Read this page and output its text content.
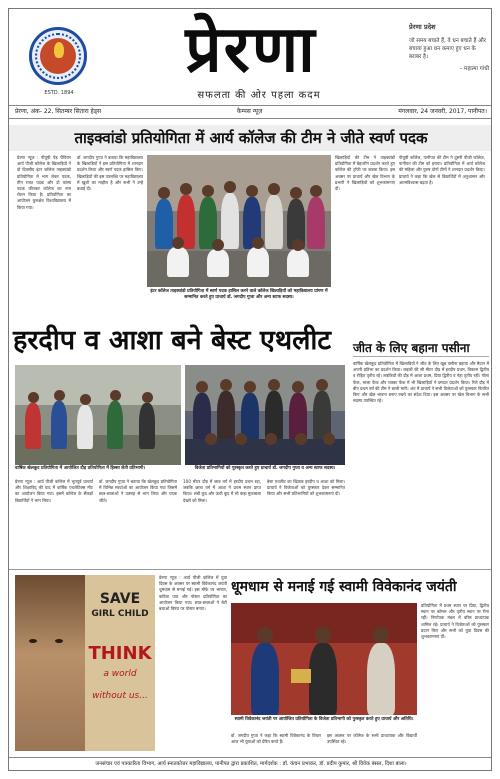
ESTD. 1894
प्रेरणा
सफलता की ओर पहला कदम
प्रेरणा प्रदेश
जो समय बचाते हैं, वे धन बचाते हैं और बचाया हुआ धन कमाए हुए धन के बराबर है।
– महात्मा गांधी
प्रेरणा, अंक- 22, सितम्बर सितारा हेड्स	कैम्पस न्यूज़	मंगलवार, 24 जनवरी, 2017, पानीपत।
ताइक्वांडो प्रतियोगिता में आर्य कॉलेज की टीम ने जीते स्वर्ण पदक
प्रेरणा न्यूज़ : पीयूषी पेड़ चैंपियन आर्य पीजी कॉलेज के खिलाड़ियों ने दो दिवसीय इंटर कॉलेज ताइक्वांडो प्रतियोगिता में भाग लेकर पदक, तीन रजत पदक और दो कांस्य पदक जीतकर कॉलेज का नाम रोशन किया है। प्रतियोगिता का आयोजन कुरुक्षेत्र विश्वविद्यालय में किया गया।
डॉ. जगदीप गुप्ता ने बताया कि महाविद्यालय के खिलाड़ियों ने इस प्रतियोगिता में शानदार प्रदर्शन किया और स्वर्ण पदक हासिल किए। खिलाड़ियों की इस उपलब्धि पर महाविद्यालय में खुशी का माहौल है और सभी ने उन्हें बधाई दी।
इंटर कॉलेज ताइक्वांडो प्रतियोगिता में स्वर्ण पदक हासिल करने वाले कॉलेज खिलाड़ियों को महाविद्यालय प्रांगण में सम्मानित करते हुए प्राचार्य डॉ. जगदीप गुप्ता और अन्य स्टाफ सदस्य।
खिलाड़ियों की टीम ने ताइक्वांडो प्रतियोगिता में बेहतरीन प्रदर्शन करते हुए कॉलेज की ट्रॉफी पर कब्जा किया। इस अवसर पर प्राचार्य और खेल विभाग के प्रभारी ने खिलाड़ियों को शुभकामनाएं दीं।
पीयूषी कॉलेज, पानीपत की टीम ने दूसरी पीजी कॉलेज, पानीपत की टीम को हराया। प्रतियोगिता में आर्य कॉलेज की महिला और पुरुष दोनों टीमों ने शानदार प्रदर्शन किया। प्राचार्य ने कहा कि खेल से विद्यार्थियों में अनुशासन और आत्मविश्वास बढ़ता है।
हरदीप व आशा बने बेस्ट एथलीट
वार्षिक खेलकूद प्रतियोगिता में आयोजित दौड़ प्रतियोगिता में हिस्सा लेती प्रतिभागी।	विजेता प्रतिभागियों को पुरस्कृत करते हुए प्राचार्य डॉ. जगदीप गुप्ता व अन्य स्टाफ सदस्य।
प्रेरणा न्यूज़ : आर्य पीजी कॉलेज में भूतपूर्व प्राचार्य और शिक्षाविद् की याद में वार्षिक एथलेटिक्स मीट का आयोजन किया गया। इसमें कॉलेज के सैकड़ों विद्यार्थियों ने भाग लिया।
डॉ. जगदीप गुप्ता ने बताया कि खेलकूद प्रतियोगिता में विभिन्न स्पर्धाओं का आयोजन किया गया जिसमें छात्र-छात्राओं ने उत्साह से भाग लिया और पदक जीते।
100 मीटर दौड़ में छात्र वर्ग में हरदीप प्रथम रहा, जबकि छात्रा वर्ग में आशा ने प्रथम स्थान प्राप्त किया। लंबी कूद और ऊंची कूद में भी कड़ा मुकाबला देखने को मिला।
बेस्ट एथलीट का खिताब हरदीप व आशा को मिला। प्राचार्य ने विजेताओं को पुरस्कार देकर सम्मानित किया और सभी प्रतिभागियों को शुभकामनाएं दीं।
जीत के लिए बहाना पसीना
वार्षिक खेलकूद प्रतियोगिता में खिलाड़ियों ने जीत के लिए खूब पसीना बहाया और मैदान में अपनी प्रतिभा का प्रदर्शन किया। लड़कों की सौ मीटर दौड़ में हरदीप प्रथम, विकास द्वितीय व रोहित तृतीय रहे। लड़कियों की दौड़ में आशा प्रथम, प्रिया द्वितीय व नेहा तृतीय रहीं। गोला फेंक, भाला फेंक और चक्का फेंक में भी खिलाड़ियों ने दमदार प्रदर्शन किया। रिले दौड़ में बीए प्रथम वर्ष की टीम ने बाजी मारी। अंत में प्राचार्य ने सभी विजेताओं को पुरस्कार वितरित किए और खेल भावना बनाए रखने का संदेश दिया। इस अवसर पर खेल विभाग के सभी सदस्य उपस्थित रहे।
SAVE
GIRL CHILD
THINK
a world
without us...
प्रेरणा न्यूज़ : आर्य पीजी कॉलेज में युवा दिवस के अवसर पर स्वामी विवेकानंद जयंती धूमधाम से मनाई गई। इस मौके पर भाषण, कविता पाठ और पोस्टर प्रतियोगिता का आयोजन किया गया। छात्र-छात्राओं ने बेटी बचाओ विषय पर पोस्टर बनाए।
धूमधाम से मनाई गई स्वामी विवेकानंद जयंती
स्वामी विवेकानंद जयंती पर आयोजित प्रतियोगिता के विजेता प्रतिभागी को पुरस्कृत करते हुए प्राचार्य और अतिथि।
डॉ. जगदीप गुप्ता ने कहा कि स्वामी विवेकानंद के विचार आज भी युवाओं को प्रेरित करते हैं।
इस अवसर पर कॉलेज के सभी प्राध्यापक और विद्यार्थी उपस्थित रहे।
प्रतियोगिता में प्रथम स्थान पर प्रिया, द्वितीय स्थान पर कोमल और तृतीय स्थान पर रीना रहीं। निर्णायक मंडल में वरिष्ठ प्राध्यापक शामिल रहे। प्राचार्य ने विजेताओं को पुरस्कार प्रदान किए और सभी को युवा दिवस की शुभकामनाएं दीं।
जनसंचार एवं पत्रकारिता विभाग, आर्य स्नातकोत्तर महाविद्यालय, पानीपत द्वारा प्रकाशित, मार्गदर्शक : डॉ. कंचन प्रभाकर, डॉ. प्रदीप कुमार, श्री विवेक बंसल, दिशा बाला।
